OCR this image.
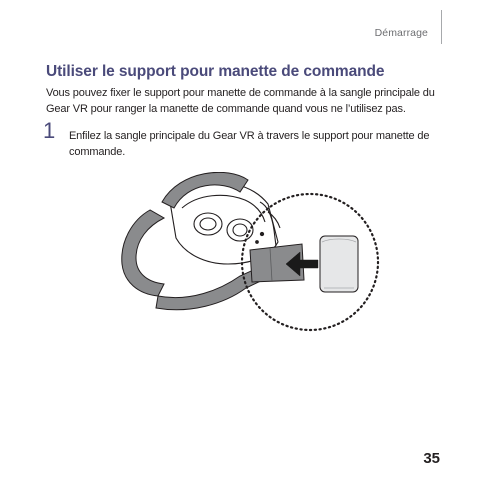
Démarrage
Utiliser le support pour manette de commande

Vous pouvez fixer le support pour manette de commande à la sangle principale du Gear VR pour ranger la manette de commande quand vous ne l’utilisez pas.

1 Enfilez la sangle principale du Gear VR à travers le support pour manette de commande.

35
